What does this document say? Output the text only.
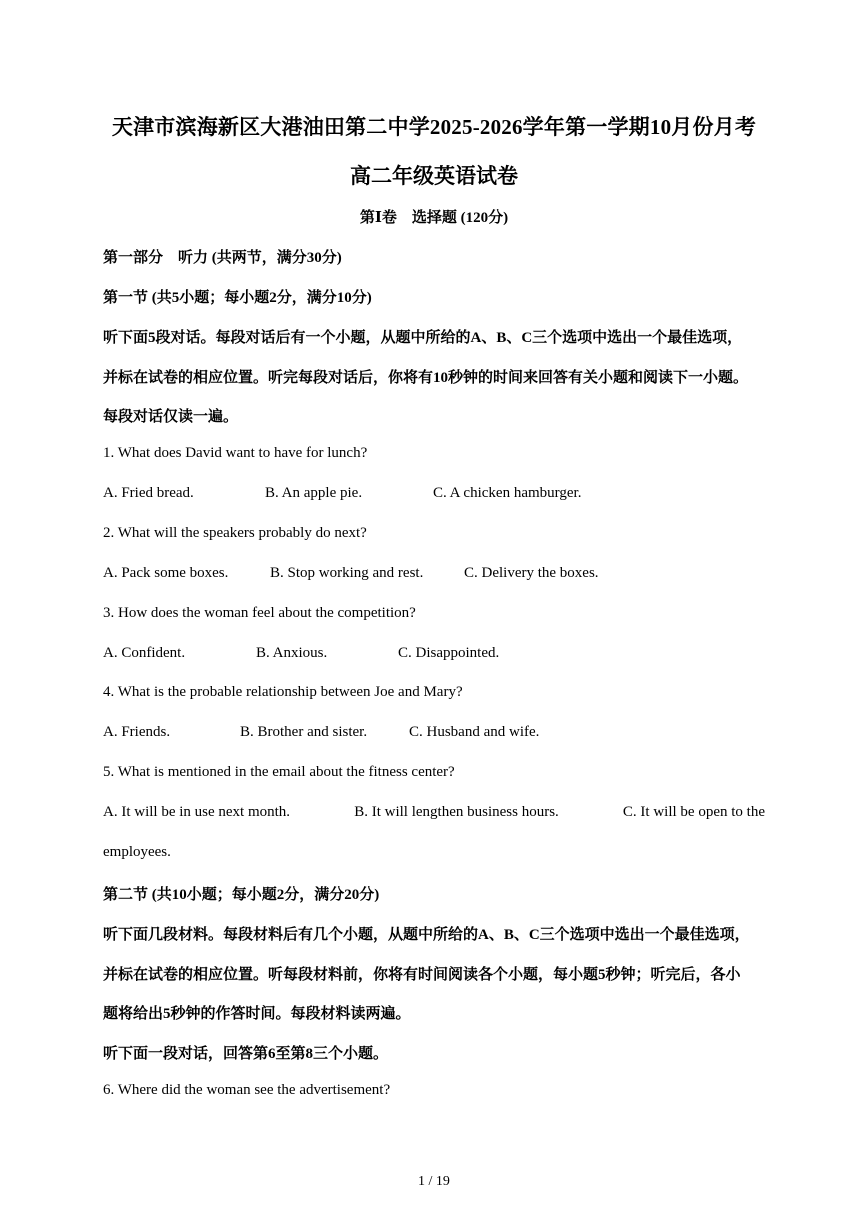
天津市滨海新区大港油田第二中学2025-2026学年第一学期10月份月考
高二年级英语试卷
第Ⅰ卷　选择题 (120分)
第一部分　听力 (共两节，满分30分)
第一节 (共5小题；每小题2分，满分10分)
听下面5段对话。每段对话后有一个小题，从题中所给的A、B、C三个选项中选出一个最佳选项，
并标在试卷的相应位置。听完每段对话后，你将有10秒钟的时间来回答有关小题和阅读下一小题。
每段对话仅读一遍。
1. What does David want to have for lunch?
A. Fried bread.	B. An apple pie.	C. A chicken hamburger.
2. What will the speakers probably do next?
A. Pack some boxes.	B. Stop working and rest.	C. Delivery the boxes.
3. How does the woman feel about the competition?
A. Confident.	B. Anxious.	C. Disappointed.
4. What is the probable relationship between Joe and Mary?
A. Friends.	B. Brother and sister.	C. Husband and wife.
5. What is mentioned in the email about the fitness center?
A. It will be in use next month.	B. It will lengthen business hours.	C. It will be open to the
employees.
第二节 (共10小题；每小题2分，满分20分)
听下面几段材料。每段材料后有几个小题，从题中所给的A、B、C三个选项中选出一个最佳选项，
并标在试卷的相应位置。听每段材料前，你将有时间阅读各个小题，每小题5秒钟；听完后，各小
题将给出5秒钟的作答时间。每段材料读两遍。
听下面一段对话，回答第6至第8三个小题。
6. Where did the woman see the advertisement?
1 / 19
